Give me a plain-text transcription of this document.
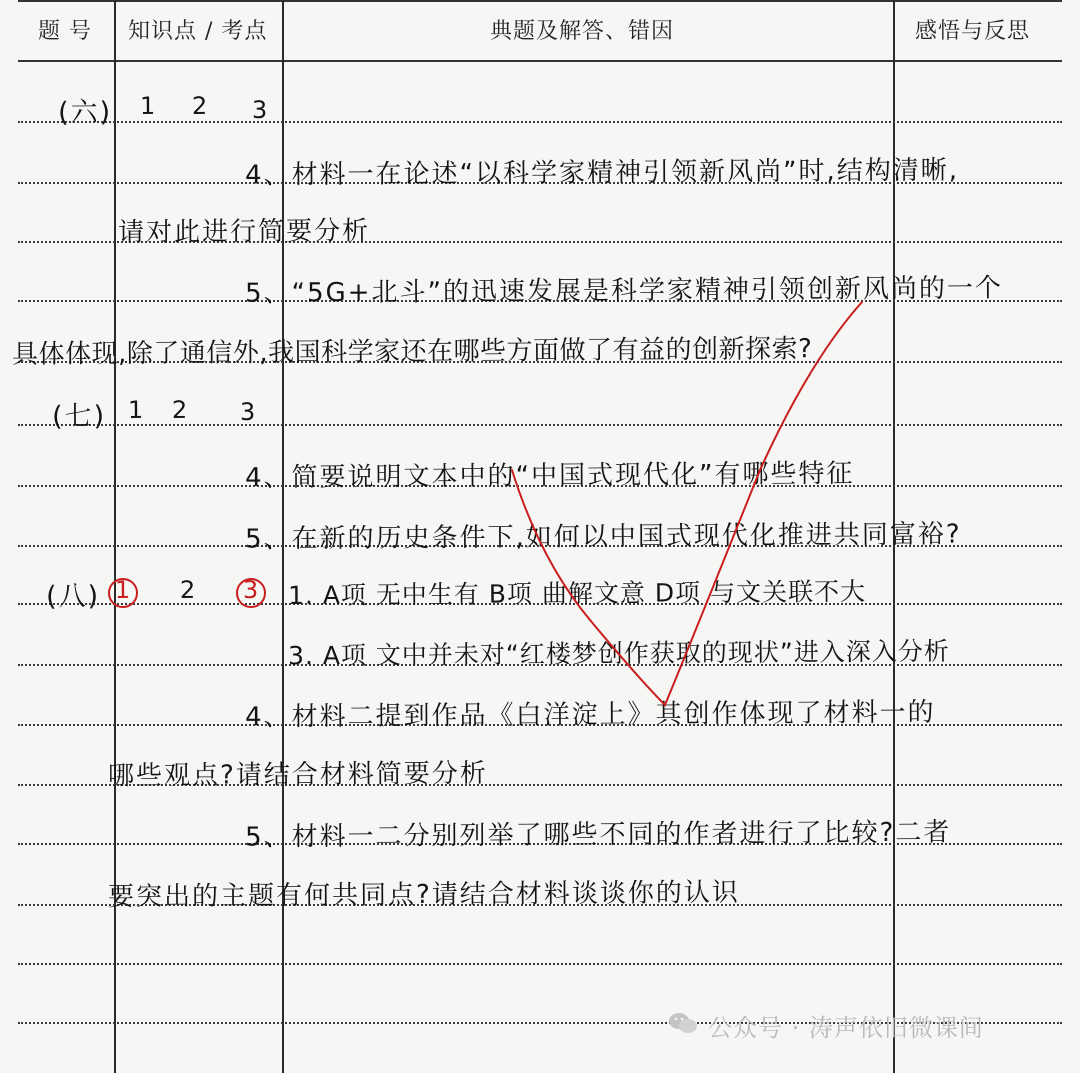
题 号 知识点 / 考点	典题及解答、错因	感悟与反思
(六) 1 2 3
4、材料一在论述“以科学家精神引领新风尚”时,结构清晰,
请对此进行简要分析
5、“5G+北斗”的迅速发展是科学家精神引领创新风尚的一个
具体体现,除了通信外,我国科学家还在哪些方面做了有益的创新探索?
(七) 1 2 3
4、简要说明文本中的“中国式现代化”有哪些特征
5、在新的历史条件下,如何以中国式现代化推进共同富裕?
(八) 1 2 3 1. A项 无中生有 B项 曲解文意 D项 与文关联不大
3. A项 文中并未对“红楼梦创作获取的现状”进入深入分析
4、材料二提到作品《白洋淀上》其创作体现了材料一的
哪些观点?请结合材料简要分析
5、材料一二分别列举了哪些不同的作者进行了比较?二者
要突出的主题有何共同点?请结合材料谈谈你的认识
公众号 · 涛声依旧微课间
